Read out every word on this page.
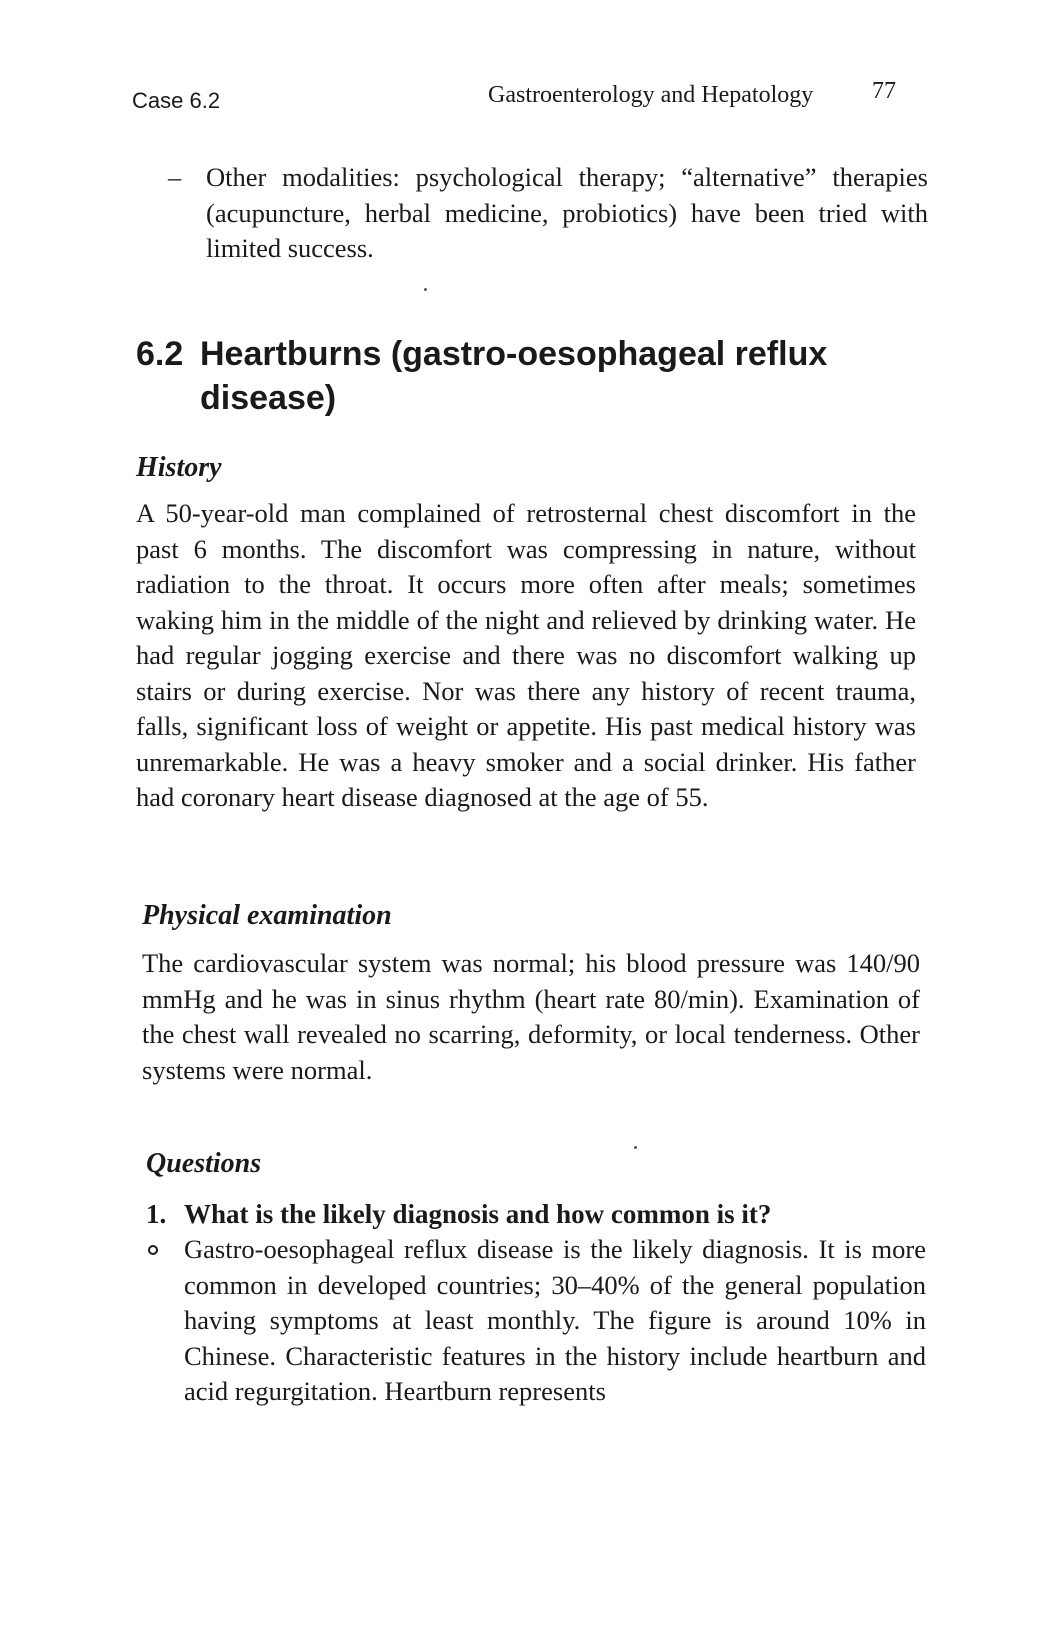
Case 6.2	Gastroenterology and Hepatology 77
– Other modalities: psychological therapy; “alternative” therapies (acupuncture, herbal medicine, probiotics) have been tried with limited success.
6.2 Heartburns (gastro-oesophageal reflux disease)
History
A 50-year-old man complained of retrosternal chest discomfort in the past 6 months. The discomfort was compressing in nature, without radiation to the throat. It occurs more often after meals; sometimes waking him in the middle of the night and relieved by drinking water. He had regular jogging exercise and there was no discomfort walking up stairs or during exercise. Nor was there any history of recent trauma, falls, significant loss of weight or appetite. His past medical history was unremarkable. He was a heavy smoker and a social drinker. His father had coronary heart disease diagnosed at the age of 55.
Physical examination
The cardiovascular system was normal; his blood pressure was 140/90 mmHg and he was in sinus rhythm (heart rate 80/min). Examination of the chest wall revealed no scarring, deformity, or local tenderness. Other systems were normal.
Questions
1. What is the likely diagnosis and how common is it?
Gastro-oesophageal reflux disease is the likely diagnosis. It is more common in developed countries; 30–40% of the general population having symptoms at least monthly. The figure is around 10% in Chinese. Characteristic features in the history include heartburn and acid regurgitation. Heartburn represents
